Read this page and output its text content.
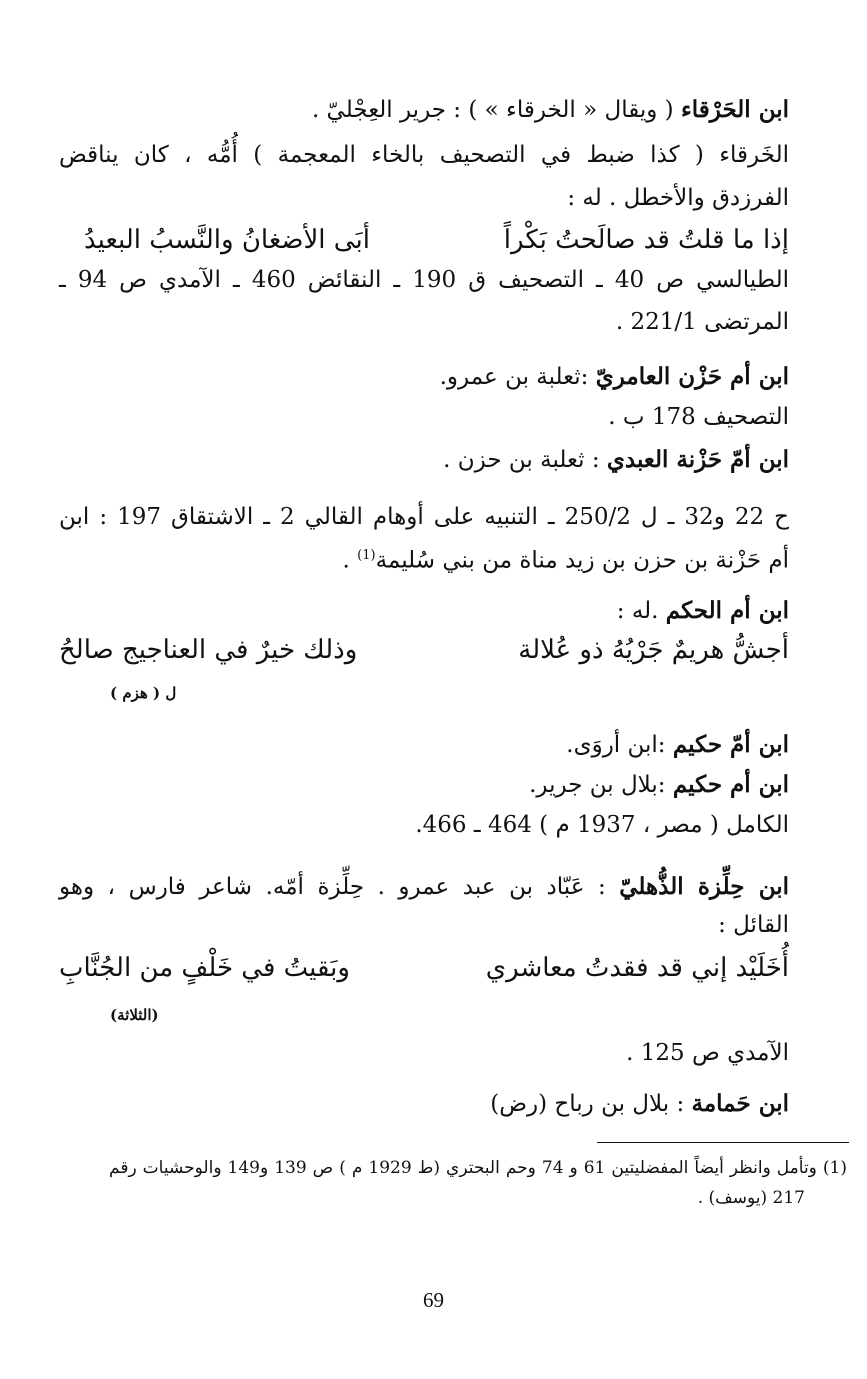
ابن الحَرْقاء ( ويقال « الخرقاء » ) : جرير العِجْليّ .
الخَرقاء ( كذا ضبط في التصحيف بالخاء المعجمة ) أُمُّه ، كان يناقض
الفرزدق والأخطل . له :
إذا ما قلتُ قد صالَحتُ بَكْراً
أبَى الأضغانُ والنَّسبُ البعيدُ
الطيالسي ص 40 ـ التصحيف ق 190 ـ النقائض 460 ـ الآمدي ص 94 ـ
المرتضى 221/1 .
ابن أم حَزْن العامريّ :ثعلبة بن عمرو.
التصحيف 178 ب .
ابن أمّ حَزْنة العبدي : ثعلبة بن حزن .
ح 22 و32 ـ ل 250/2 ـ التنبيه على أوهام القالي 2 ـ الاشتقاق 197 : ابن
أم حَزْنة بن حزن بن زيد مناة من بني سُليمة$^{(1)}$ .
ابن أم الحكم .له :
أجشُّ هريمٌ جَرْيُهُ ذو عُلالة
وذلك خيرٌ في العناجيج صالحُ
ل ( هزم )
ابن أمّ حكيم :ابن أروَى.
ابن أم حكيم :بلال بن جرير.
الكامل ( مصر ، 1937 م ) 464 ـ 466.
ابن حِلِّزة الذُّهليّ : عَبّاد بن عبد عمرو . حِلِّزة أمّه. شاعر فارس ، وهو
القائل :
أُخَلَيْد إني قد فقدتُ معاشري
وبَقيتُ في خَلْفٍ من الجُنَّابِ
(الثلاثة)
الآمدي ص 125 .
ابن حَمامة : بلال بن رباح (رض)
(1) وتأمل وانظر أيضاً المفضليتين 61 و 74 وحم البحتري (ط 1929 م ) ص 139 و149 والوحشيات رقم
217 (يوسف) .
69
